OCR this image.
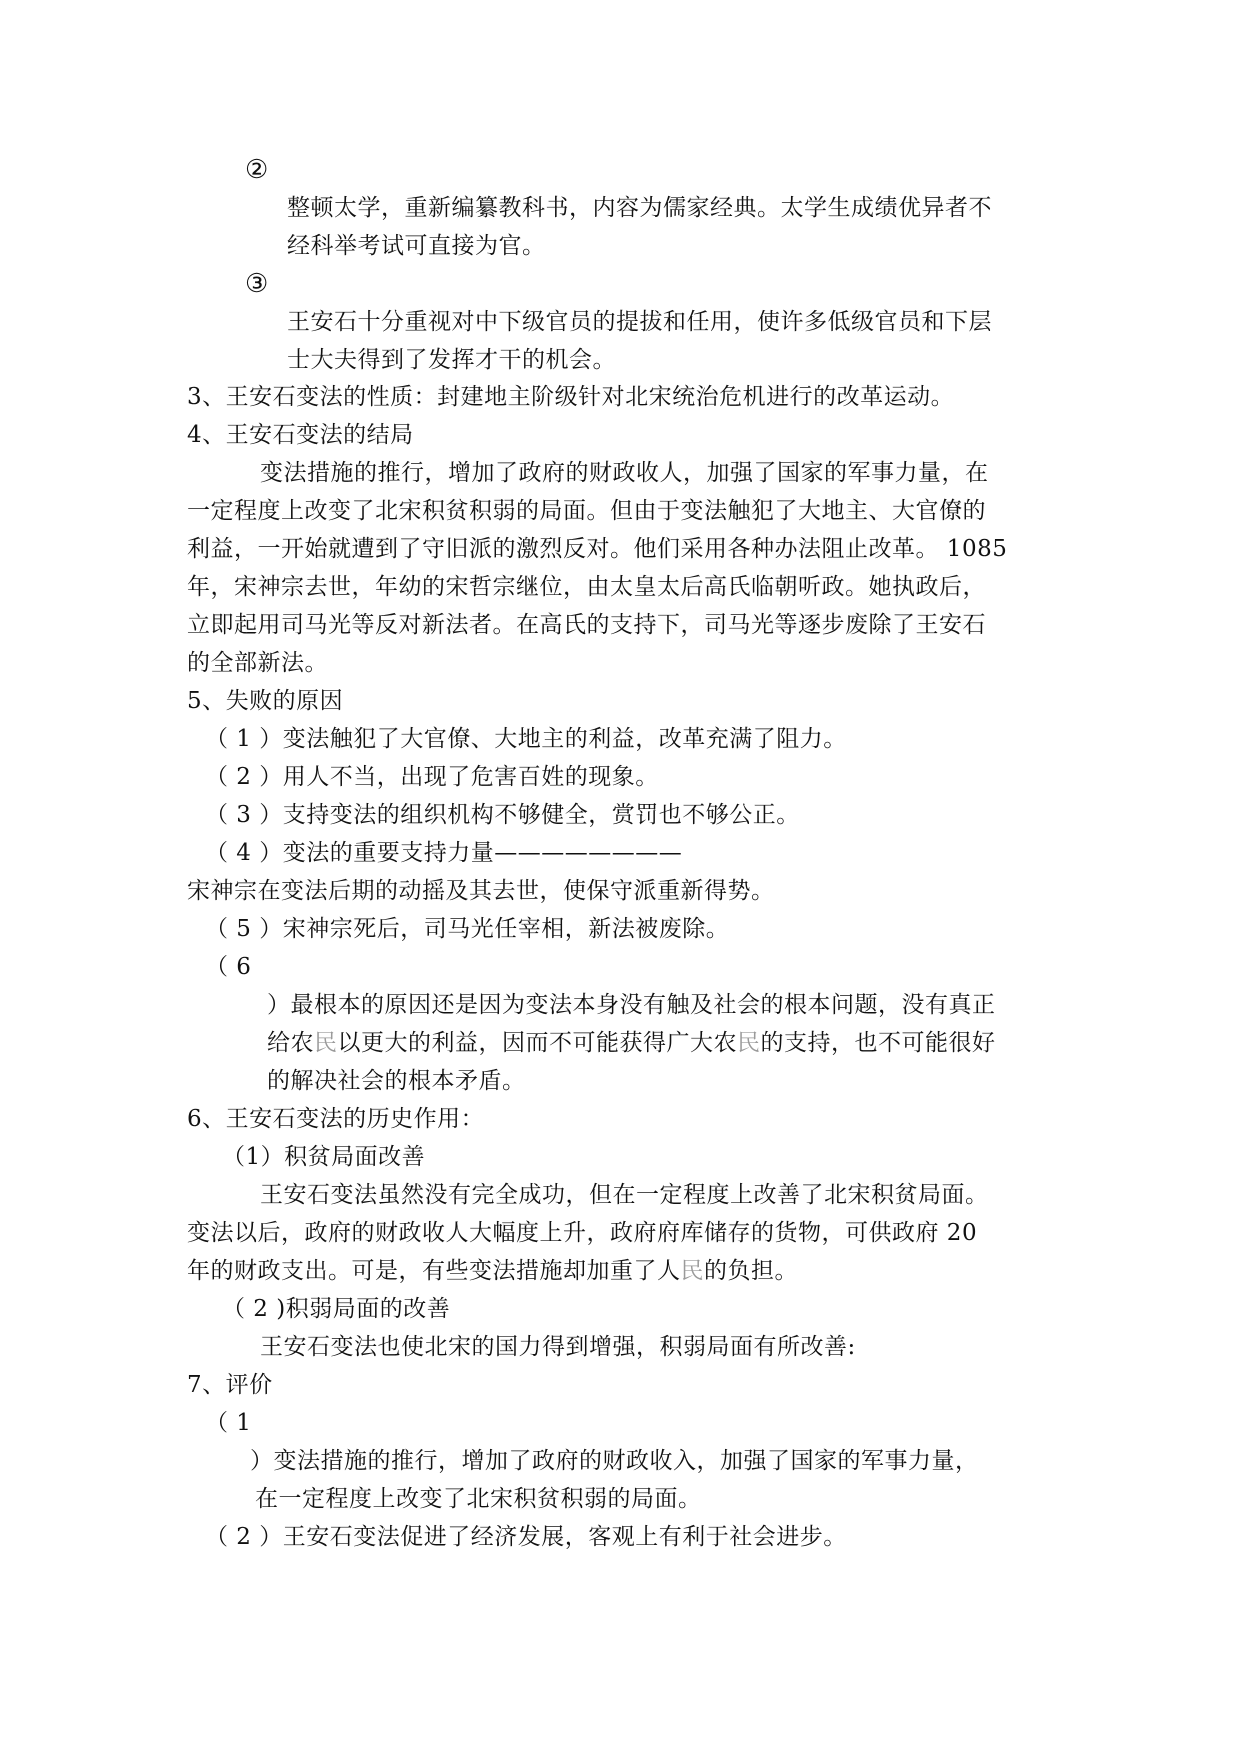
②
整顿太学，重新编纂教科书，内容为儒家经典。太学生成绩优异者不
经科举考试可直接为官。
③
王安石十分重视对中下级官员的提拔和任用，使许多低级官员和下层
士大夫得到了发挥才干的机会。
3、王安石变法的性质：封建地主阶级针对北宋统治危机进行的改革运动。
4、王安石变法的结局
变法措施的推行，增加了政府的财政收人，加强了国家的军事力量，在
一定程度上改变了北宋积贫积弱的局面。但由于变法触犯了大地主、大官僚的
利益，一开始就遭到了守旧派的激烈反对。他们采用各种办法阻止改革。 1085
年，宋神宗去世，年幼的宋哲宗继位，由太皇太后高氏临朝听政。她执政后，
立即起用司马光等反对新法者。在高氏的支持下，司马光等逐步废除了王安石
的全部新法。
5、失败的原因
（ 1 ）变法触犯了大官僚、大地主的利益，改革充满了阻力。
（ 2 ）用人不当，出现了危害百姓的现象。
（ 3 ）支持变法的组织机构不够健全，赏罚也不够公正。
（ 4 ）变法的重要支持力量————————
宋神宗在变法后期的动摇及其去世，使保守派重新得势。
（ 5 ）宋神宗死后，司马光任宰相，新法被废除。
（ 6
）最根本的原因还是因为变法本身没有触及社会的根本问题，没有真正
给农民以更大的利益，因而不可能获得广大农民的支持，也不可能很好
的解决社会的根本矛盾。
6、王安石变法的历史作用：
（1）积贫局面改善
王安石变法虽然没有完全成功，但在一定程度上改善了北宋积贫局面。
变法以后，政府的财政收人大幅度上升，政府府库储存的货物，可供政府 20
年的财政支出。可是，有些变法措施却加重了人民的负担。
（ 2 )积弱局面的改善
王安石变法也使北宋的国力得到增强，积弱局面有所改善:
7、评价
（ 1
）变法措施的推行，增加了政府的财政收入，加强了国家的军事力量，
在一定程度上改变了北宋积贫积弱的局面。
（ 2 ）王安石变法促进了经济发展，客观上有利于社会进步。
